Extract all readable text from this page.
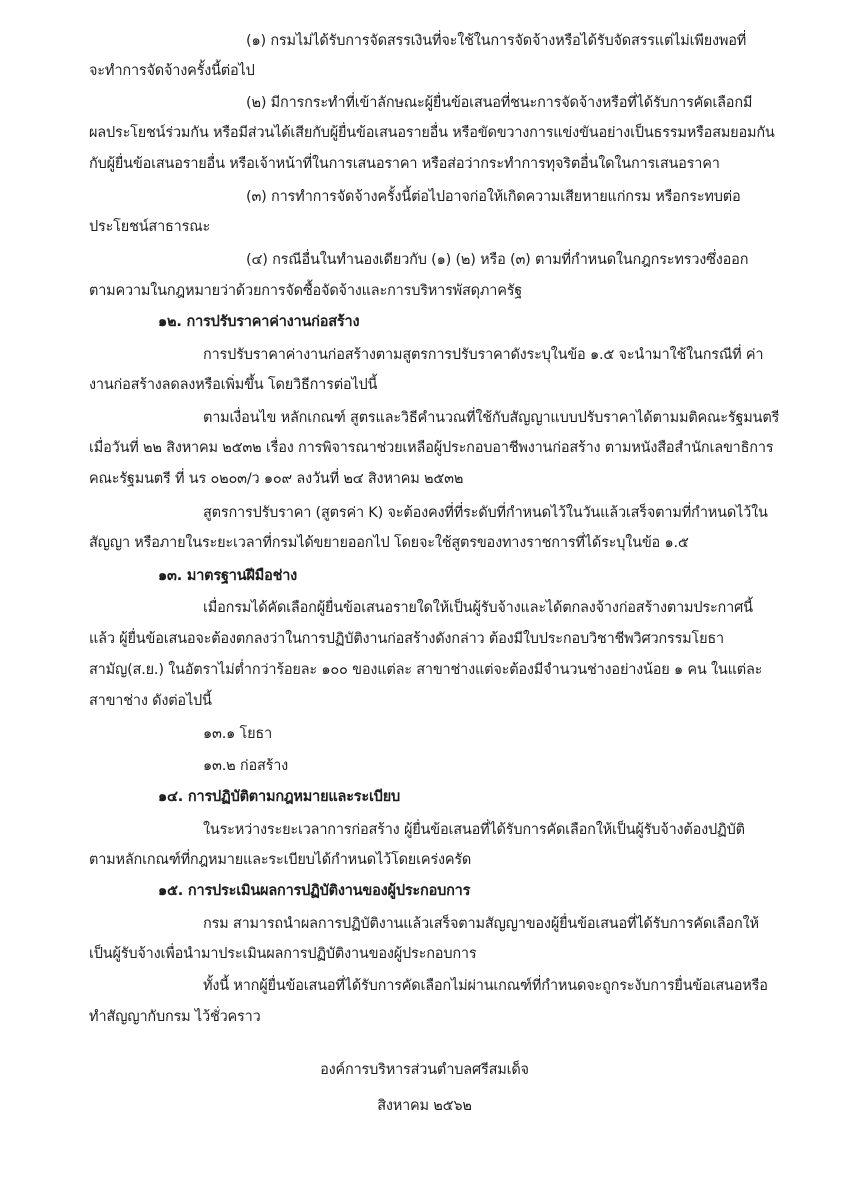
(๑) กรมไม่ได้รับการจัดสรรเงินที่จะใช้ในการจัดจ้างหรือได้รับจัดสรรแต่ไม่เพียงพอที่
จะทำการจัดจ้างครั้งนี้ต่อไป
(๒) มีการกระทำที่เข้าลักษณะผู้ยื่นข้อเสนอที่ชนะการจัดจ้างหรือที่ได้รับการคัดเลือกมี
ผลประโยชน์ร่วมกัน หรือมีส่วนได้เสียกับผู้ยื่นข้อเสนอรายอื่น หรือขัดขวางการแข่งขันอย่างเป็นธรรมหรือสมยอมกัน
กับผู้ยื่นข้อเสนอรายอื่น หรือเจ้าหน้าที่ในการเสนอราคา หรือส่อว่ากระทำการทุจริตอื่นใดในการเสนอราคา
(๓) การทำการจัดจ้างครั้งนี้ต่อไปอาจก่อให้เกิดความเสียหายแก่กรม หรือกระทบต่อ
ประโยชน์สาธารณะ
(๔) กรณีอื่นในทำนองเดียวกับ (๑) (๒) หรือ (๓) ตามที่กำหนดในกฎกระทรวงซึ่งออก
ตามความในกฎหมายว่าด้วยการจัดซื้อจัดจ้างและการบริหารพัสดุภาครัฐ
๑๒. การปรับราคาค่างานก่อสร้าง
การปรับราคาค่างานก่อสร้างตามสูตรการปรับราคาดังระบุในข้อ ๑.๕ จะนำมาใช้ในกรณีที่ ค่า
งานก่อสร้างลดลงหรือเพิ่มขึ้น โดยวิธีการต่อไปนี้
ตามเงื่อนไข หลักเกณฑ์ สูตรและวิธีคำนวณที่ใช้กับสัญญาแบบปรับราคาได้ตามมติคณะรัฐมนตรี
เมื่อวันที่ ๒๒ สิงหาคม ๒๕๓๒ เรื่อง การพิจารณาช่วยเหลือผู้ประกอบอาชีพงานก่อสร้าง ตามหนังสือสำนักเลขาธิการ
คณะรัฐมนตรี ที่ นร ๐๒๐๓/ว ๑๐๙ ลงวันที่ ๒๔ สิงหาคม ๒๕๓๒
สูตรการปรับราคา (สูตรค่า K) จะต้องคงที่ที่ระดับที่กำหนดไว้ในวันแล้วเสร็จตามที่กำหนดไว้ใน
สัญญา หรือภายในระยะเวลาที่กรมได้ขยายออกไป โดยจะใช้สูตรของทางราชการที่ได้ระบุในข้อ ๑.๕
๑๓. มาตรฐานฝีมือช่าง
เมื่อกรมได้คัดเลือกผู้ยื่นข้อเสนอรายใดให้เป็นผู้รับจ้างและได้ตกลงจ้างก่อสร้างตามประกาศนี้
แล้ว ผู้ยื่นข้อเสนอจะต้องตกลงว่าในการปฏิบัติงานก่อสร้างดังกล่าว ต้องมีใบประกอบวิชาชีพวิศวกรรมโยธา
สามัญ(ส.ย.) ในอัตราไม่ต่ำกว่าร้อยละ ๑๐๐ ของแต่ละ สาขาช่างแต่จะต้องมีจำนวนช่างอย่างน้อย ๑ คน ในแต่ละ
สาขาช่าง ดังต่อไปนี้
๑๓.๑ โยธา
๑๓.๒ ก่อสร้าง
๑๔. การปฏิบัติตามกฎหมายและระเบียบ
ในระหว่างระยะเวลาการก่อสร้าง ผู้ยื่นข้อเสนอที่ได้รับการคัดเลือกให้เป็นผู้รับจ้างต้องปฏิบัติ
ตามหลักเกณฑ์ที่กฎหมายและระเบียบได้กำหนดไว้โดยเคร่งครัด
๑๕. การประเมินผลการปฏิบัติงานของผู้ประกอบการ
กรม สามารถนำผลการปฏิบัติงานแล้วเสร็จตามสัญญาของผู้ยื่นข้อเสนอที่ได้รับการคัดเลือกให้
เป็นผู้รับจ้างเพื่อนำมาประเมินผลการปฏิบัติงานของผู้ประกอบการ
ทั้งนี้ หากผู้ยื่นข้อเสนอที่ได้รับการคัดเลือกไม่ผ่านเกณฑ์ที่กำหนดจะถูกระงับการยื่นข้อเสนอหรือ
ทำสัญญากับกรม ไว้ชั่วคราว
องค์การบริหารส่วนตำบลศรีสมเด็จ
สิงหาคม ๒๕๖๒
